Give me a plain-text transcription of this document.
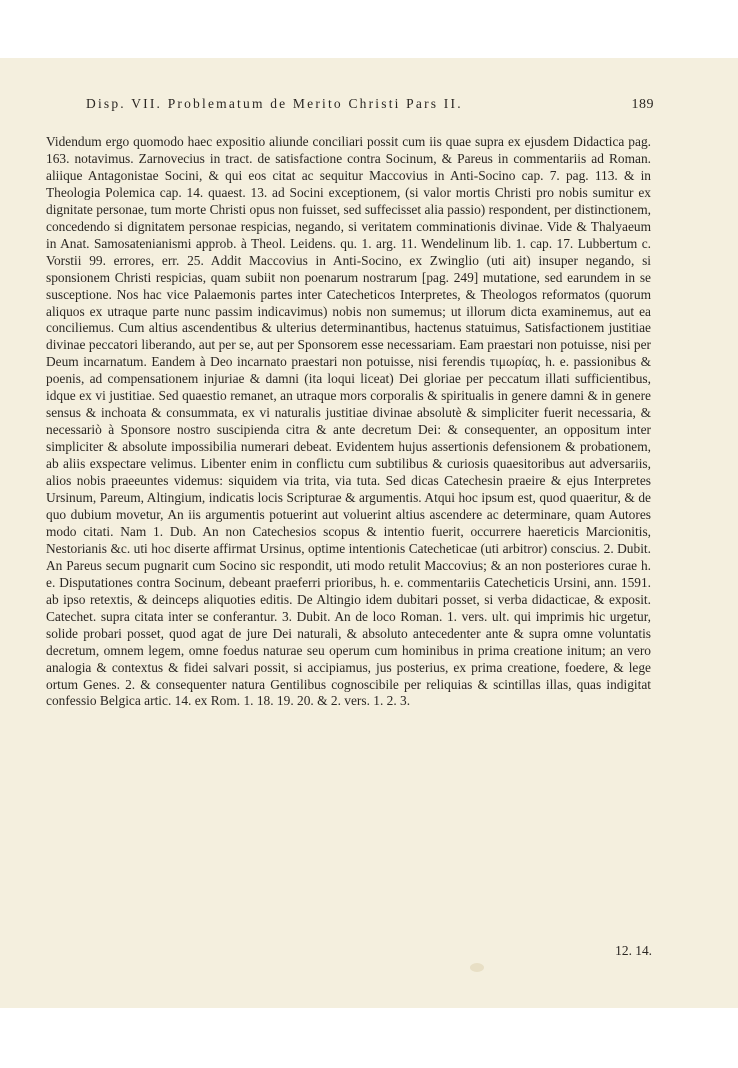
Disp. VII. Problematum de Merito Christi Pars II.	189

Videndum ergo quomodo haec expositio aliunde conciliari possit cum iis quae supra ex ejusdem Didactica pag. 163. notavimus. Zarnovecius in tract. de satisfactione contra Socinum, & Pareus in commentariis ad Roman. aliique Antagonistae Socini, & qui eos citat ac sequitur Maccovius in Anti-Socino cap. 7. pag. 113. & in Theologia Polemica cap. 14. quaest. 13. ad Socini exceptionem, (si valor mortis Christi pro nobis sumitur ex dignitate personae, tum morte Christi opus non fuisset, sed suffecisset alia passio) respondent, per distinctionem, concedendo si dignitatem personae respicias, negando, si veritatem comminationis divinae. Vide & Thalyaeum in Anat. Samosatenianismi approb. à Theol. Leidens. qu. 1. arg. 11. Wendelinum lib. 1. cap. 17. Lubbertum c. Vorstii 99. errores, err. 25. Addit Maccovius in Anti-Socino, ex Zwinglio (uti ait) insuper negando, si sponsionem Christi respicias, quam subiit non poenarum nostrarum [pag. 249] mutatione, sed earundem in se susceptione. Nos hac vice Palaemonis partes inter Catecheticos Interpretes, & Theologos reformatos (quorum aliquos ex utraque parte nunc passim indicavimus) nobis non sumemus; ut illorum dicta examinemus, aut ea conciliemus. Cum altius ascendentibus & ulterius determinantibus, hactenus statuimus, Satisfactionem justitiae divinae peccatori liberando, aut per se, aut per Sponsorem esse necessariam. Eam praestari non potuisse, nisi per Deum incarnatum. Eandem à Deo incarnato praestari non potuisse, nisi ferendis τιμωρίας, h. e. passionibus & poenis, ad compensationem injuriae & damni (ita loqui liceat) Dei gloriae per peccatum illati sufficientibus, idque ex vi justitiae. Sed quaestio remanet, an utraque mors corporalis & spiritualis in genere damni & in genere sensus & inchoata & consummata, ex vi naturalis justitiae divinae absolutè & simpliciter fuerit necessaria, & necessariò à Sponsore nostro suscipienda citra & ante decretum Dei: & consequenter, an oppositum inter simpliciter & absolute impossibilia numerari debeat. Evidentem hujus assertionis defensionem & probationem, ab aliis exspectare velimus. Libenter enim in conflictu cum subtilibus & curiosis quaesitoribus aut adversariis, alios nobis praeeuntes videmus: siquidem via trita, via tuta. Sed dicas Catechesin praeire & ejus Interpretes Ursinum, Pareum, Altingium, indicatis locis Scripturae & argumentis. Atqui hoc ipsum est, quod quaeritur, & de quo dubium movetur, An iis argumentis potuerint aut voluerint altius ascendere ac determinare, quam Autores modo citati. Nam 1. Dub. An non Catechesios scopus & intentio fuerit, occurrere haereticis Marcionitis, Nestorianis &c. uti hoc diserte affirmat Ursinus, optime intentionis Catecheticae (uti arbitror) conscius. 2. Dubit. An Pareus secum pugnarit cum Socino sic respondit, uti modo retulit Maccovius; & an non posteriores curae h. e. Disputationes contra Socinum, debeant praeferri prioribus, h. e. commentariis Catecheticis Ursini, ann. 1591. ab ipso retextis, & deinceps aliquoties editis. De Altingio idem dubitari posset, si verba didacticae, & exposit. Catechet. supra citata inter se conferantur. 3. Dubit. An de loco Roman. 1. vers. ult. qui imprimis hic urgetur, solide probari posset, quod agat de jure Dei naturali, & absoluto antecedenter ante & supra omne voluntatis decretum, omnem legem, omne foedus naturae seu operum cum hominibus in prima creatione initum; an vero analogia & contextus & fidei salvari possit, si accipiamus, jus posterius, ex prima creatione, foedere, & lege ortum Genes. 2. & consequenter natura Gentilibus cognoscibile per reliquias & scintillas illas, quas indigitat confessio Belgica artic. 14. ex Rom. 1. 18. 19. 20. & 2. vers. 1. 2. 3.

12. 14.
